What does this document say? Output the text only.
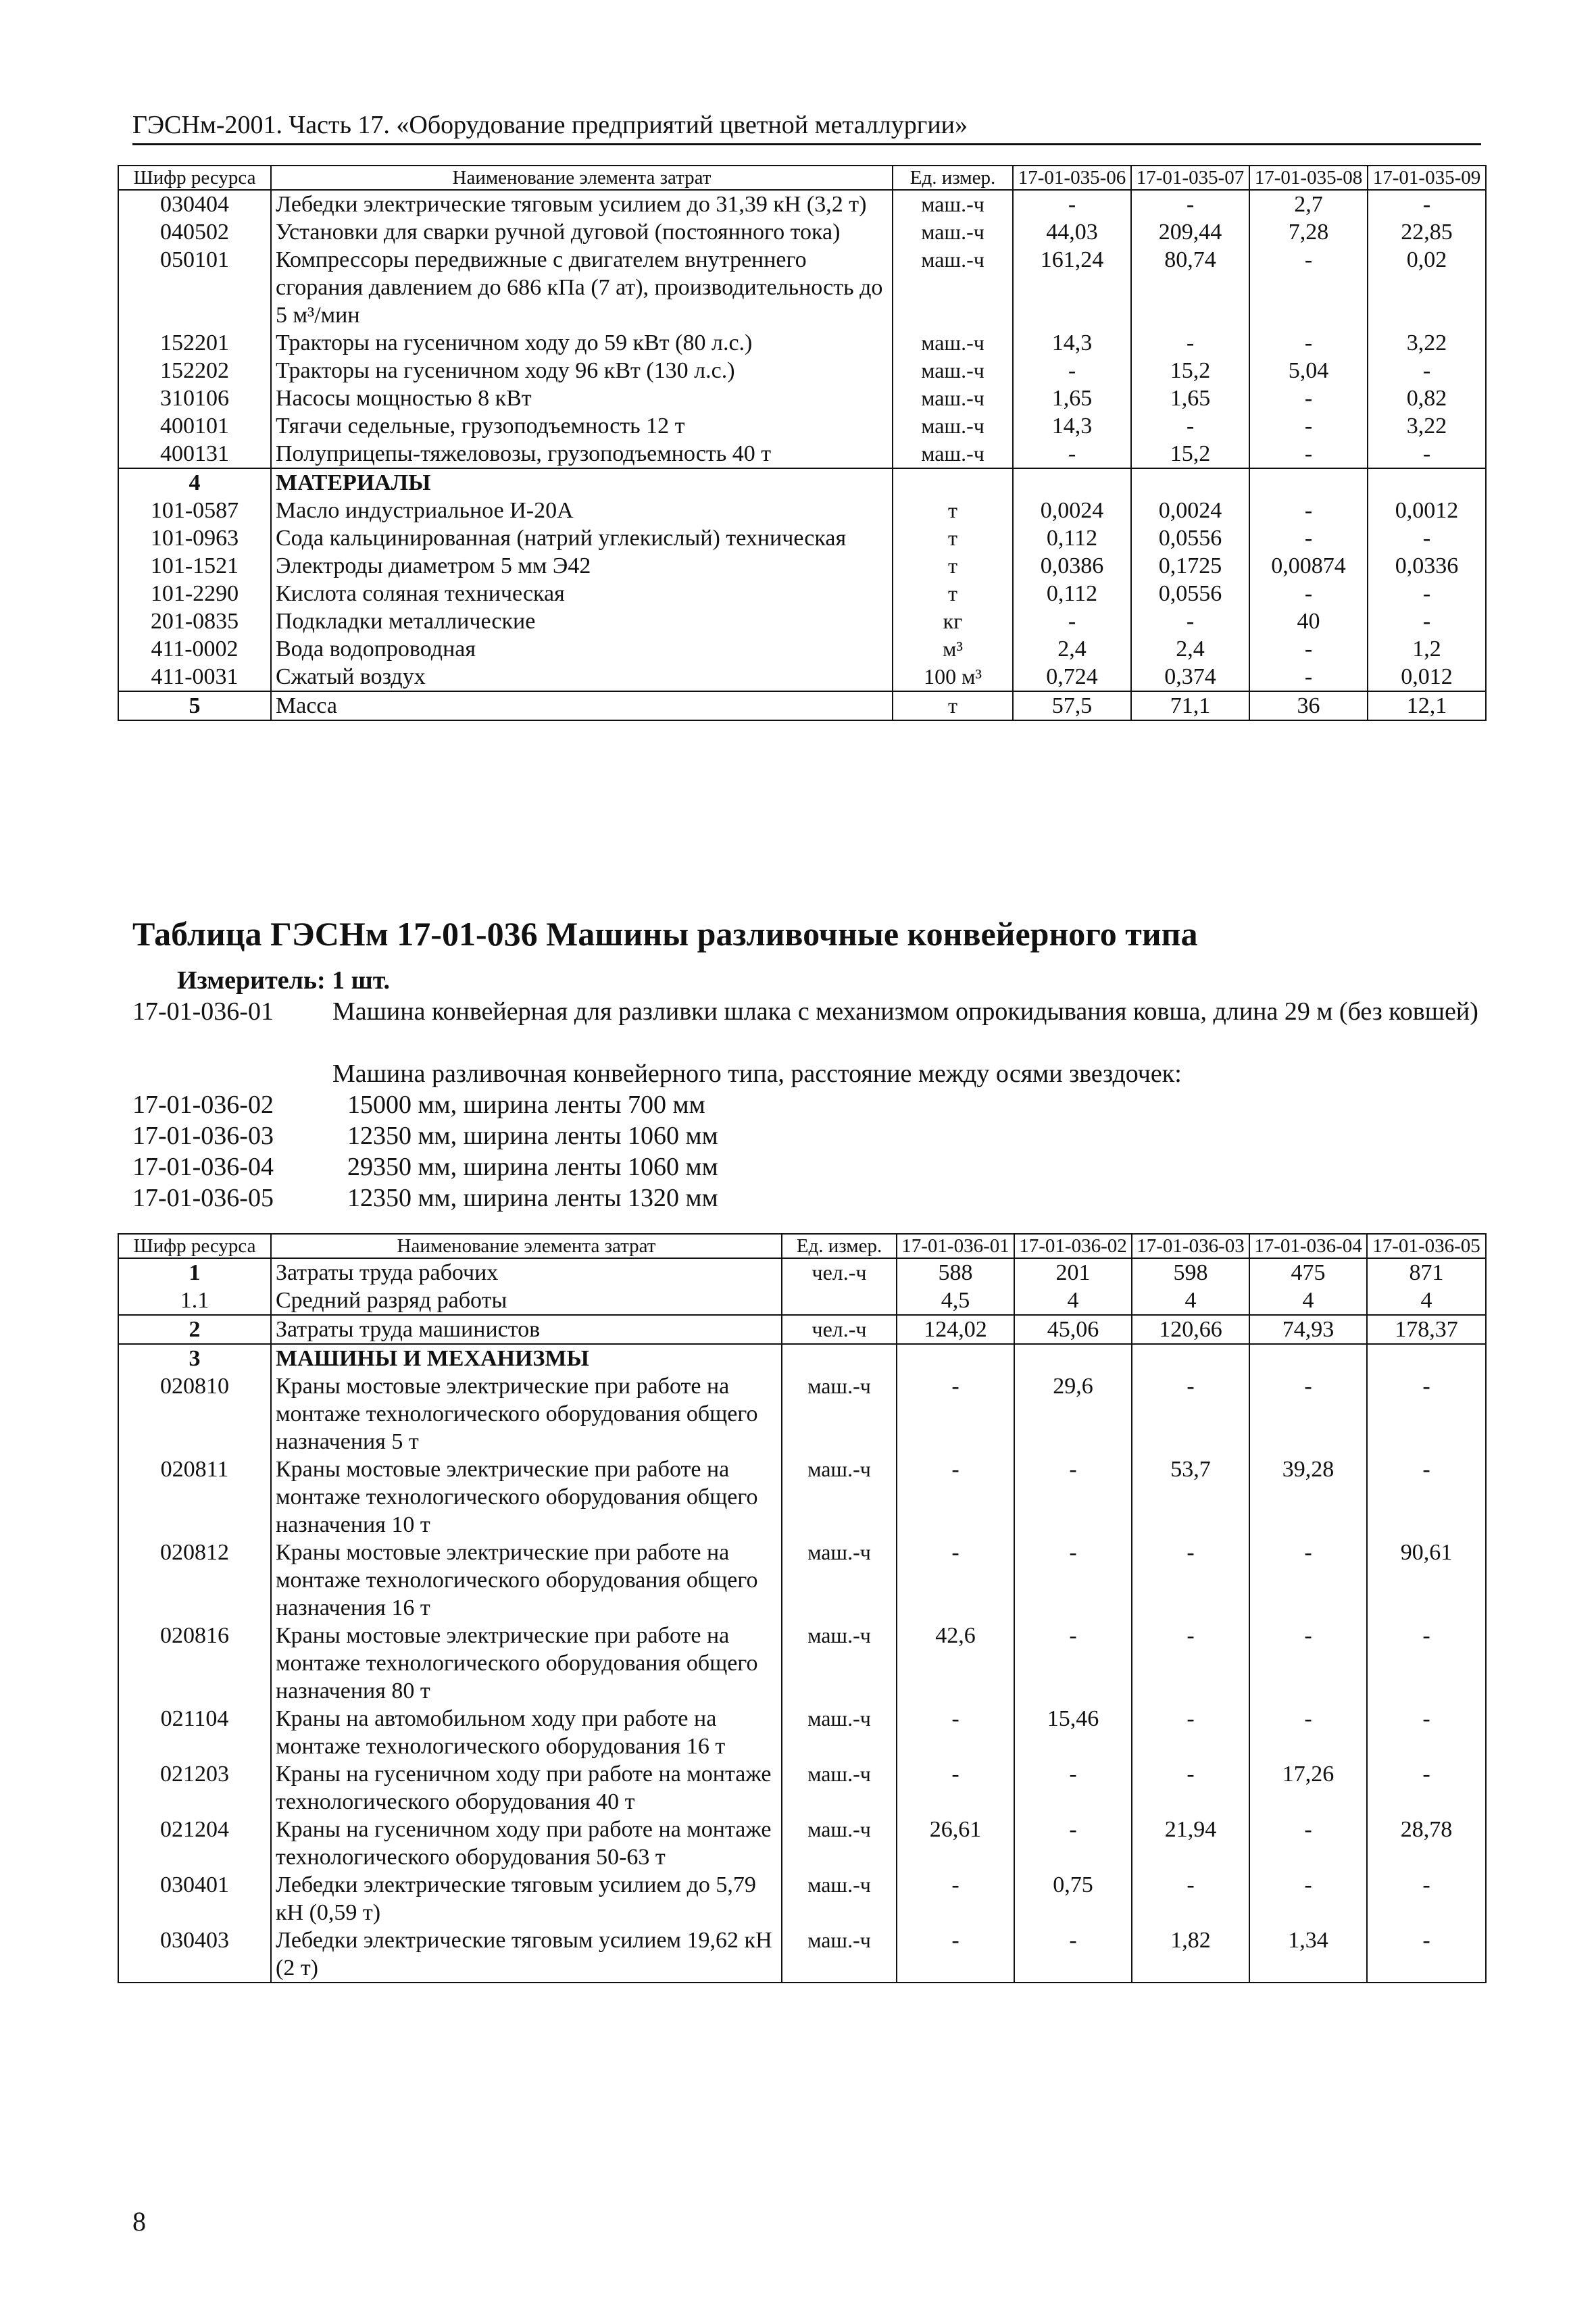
ГЭСНм-2001. Часть 17. «Оборудование предприятий цветной металлургии»
Шифр ресурса	Наименование элемента затрат	Ед. измер.	17-01-035-06	17-01-035-07	17-01-035-08	17-01-035-09
030404	Лебедки электрические тяговым усилием до 31,39 кН (3,2 т)	маш.-ч	-	-	2,7	-
040502	Установки для сварки ручной дуговой (постоянного тока)	маш.-ч	44,03	209,44	7,28	22,85
050101	Компрессоры передвижные с двигателем внутреннего сгорания давлением до 686 кПа (7 ат), производительность до 5 м³/мин	маш.-ч	161,24	80,74	-	0,02
152201	Тракторы на гусеничном ходу до 59 кВт (80 л.с.)	маш.-ч	14,3	-	-	3,22
152202	Тракторы на гусеничном ходу 96 кВт (130 л.с.)	маш.-ч	-	15,2	5,04	-
310106	Насосы мощностью 8 кВт	маш.-ч	1,65	1,65	-	0,82
400101	Тягачи седельные, грузоподъемность 12 т	маш.-ч	14,3	-	-	3,22
400131	Полуприцепы-тяжеловозы, грузоподъемность 40 т	маш.-ч	-	15,2	-	-
4	МАТЕРИАЛЫ					
101-0587	Масло индустриальное И-20А	т	0,0024	0,0024	-	0,0012
101-0963	Сода кальцинированная (натрий углекислый) техническая	т	0,112	0,0556	-	-
101-1521	Электроды диаметром 5 мм Э42	т	0,0386	0,1725	0,00874	0,0336
101-2290	Кислота соляная техническая	т	0,112	0,0556	-	-
201-0835	Подкладки металлические	кг	-	-	40	-
411-0002	Вода водопроводная	м³	2,4	2,4	-	1,2
411-0031	Сжатый воздух	100 м³	0,724	0,374	-	0,012
5	Масса	т	57,5	71,1	36	12,1
Таблица ГЭСНм 17-01-036 Машины разливочные конвейерного типа
Измеритель: 1 шт.
17-01-036-01	Машина конвейерная для разливки шлака с механизмом опрокидывания ковша, длина 29 м (без ковшей)
Машина разливочная конвейерного типа, расстояние между осями звездочек:
17-01-036-02	15000 мм, ширина ленты 700 мм
17-01-036-03	12350 мм, ширина ленты 1060 мм
17-01-036-04	29350 мм, ширина ленты 1060 мм
17-01-036-05	12350 мм, ширина ленты 1320 мм
Шифр ресурса	Наименование элемента затрат	Ед. измер.	17-01-036-01	17-01-036-02	17-01-036-03	17-01-036-04	17-01-036-05
1	Затраты труда рабочих	чел.-ч	588	201	598	475	871
1.1	Средний разряд работы		4,5	4	4	4	4
2	Затраты труда машинистов	чел.-ч	124,02	45,06	120,66	74,93	178,37
3	МАШИНЫ И МЕХАНИЗМЫ						
020810	Краны мостовые электрические при работе на монтаже технологического оборудования общего назначения 5 т	маш.-ч	-	29,6	-	-	-
020811	Краны мостовые электрические при работе на монтаже технологического оборудования общего назначения 10 т	маш.-ч	-	-	53,7	39,28	-
020812	Краны мостовые электрические при работе на монтаже технологического оборудования общего назначения 16 т	маш.-ч	-	-	-	-	90,61
020816	Краны мостовые электрические при работе на монтаже технологического оборудования общего назначения 80 т	маш.-ч	42,6	-	-	-	-
021104	Краны на автомобильном ходу при работе на монтаже технологического оборудования 16 т	маш.-ч	-	15,46	-	-	-
021203	Краны на гусеничном ходу при работе на монтаже технологического оборудования 40 т	маш.-ч	-	-	-	17,26	-
021204	Краны на гусеничном ходу при работе на монтаже технологического оборудования 50-63 т	маш.-ч	26,61	-	21,94	-	28,78
030401	Лебедки электрические тяговым усилием до 5,79 кН (0,59 т)	маш.-ч	-	0,75	-	-	-
030403	Лебедки электрические тяговым усилием 19,62 кН (2 т)	маш.-ч	-	-	1,82	1,34	-
8
